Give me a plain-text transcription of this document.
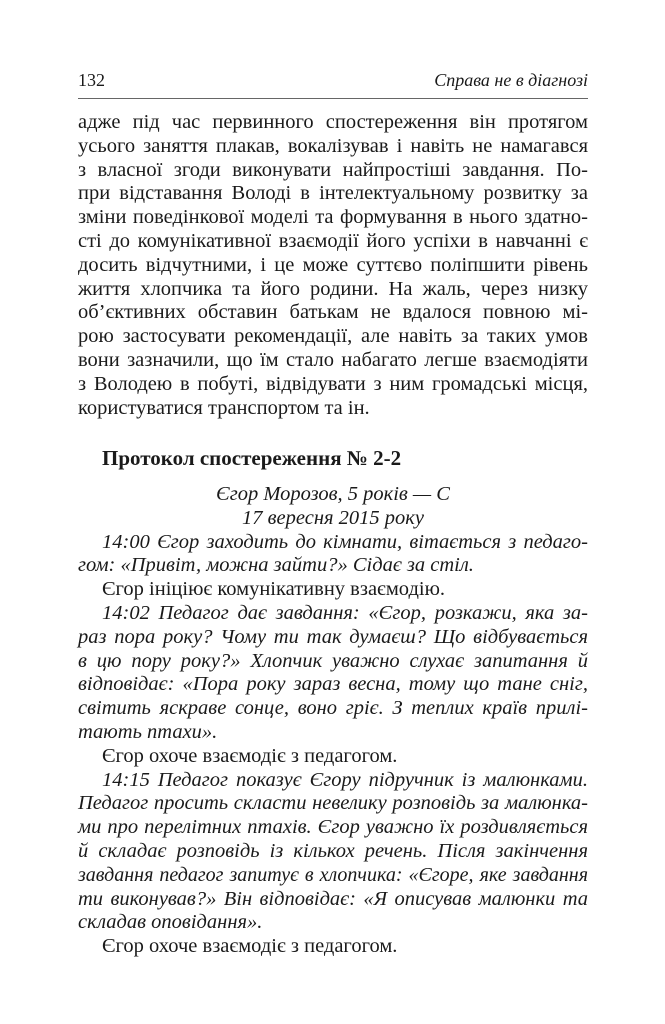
132	Справа не в діагнозі
адже під час первинного спостереження він протягом
усього заняття плакав, вокалізував і навіть не намагався
з власної згоди виконувати найпростіші завдання. По-
при відставання Володі в інтелектуальному розвитку за
зміни поведінкової моделі та формування в нього здатно-
сті до комунікативної взаємодії його успіхи в навчанні є
досить відчутними, і це може суттєво поліпшити рівень
життя хлопчика та його родини. На жаль, через низку
об’єктивних обставин батькам не вдалося повною мі-
рою застосувати рекомендації, але навіть за таких умов
вони зазначили, що їм стало набагато легше взаємодіяти
з Володею в побуті, відвідувати з ним громадські місця,
користуватися транспортом та ін.
Протокол спостереження № 2-2
Єгор Морозов, 5 років — С
17 вересня 2015 року
14:00 Єгор заходить до кімнати, вітається з педаго-
гом: «Привіт, можна зайти?» Сідає за стіл.
Єгор ініціює комунікативну взаємодію.
14:02 Педагог дає завдання: «Єгор, розкажи, яка за-
раз пора року? Чому ти так думаєш? Що відбувається
в цю пору року?» Хлопчик уважно слухає запитання й
відповідає: «Пора року зараз весна, тому що тане сніг,
світить яскраве сонце, воно гріє. З теплих країв прилі-
тають птахи».
Єгор охоче взаємодіє з педагогом.
14:15 Педагог показує Єгору підручник із малюнками.
Педагог просить скласти невелику розповідь за малюнка-
ми про перелітних птахів. Єгор уважно їх роздивляється
й складає розповідь із кількох речень. Після закінчення
завдання педагог запитує в хлопчика: «Єгоре, яке завдання
ти виконував?» Він відповідає: «Я описував малюнки та
складав оповідання».
Єгор охоче взаємодіє з педагогом.
